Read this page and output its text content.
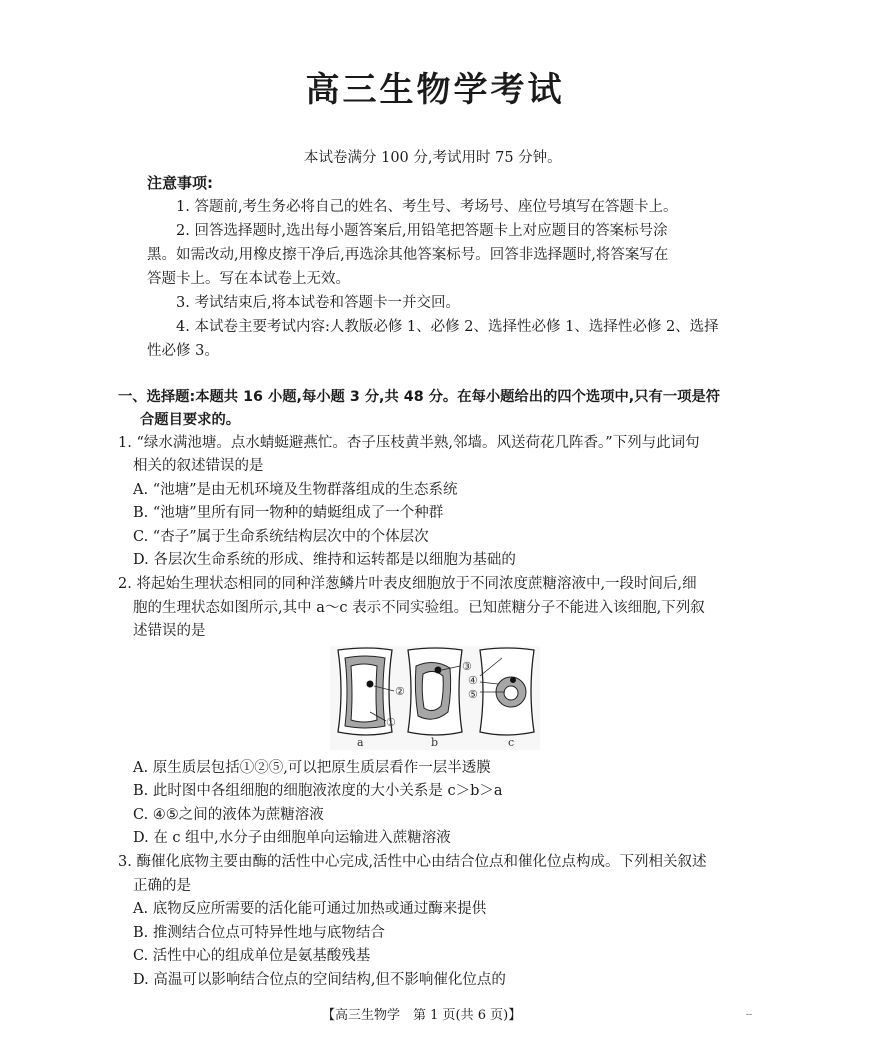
高三生物学考试
本试卷满分 100 分,考试用时 75 分钟。
注意事项:
1. 答题前,考生务必将自己的姓名、考生号、考场号、座位号填写在答题卡上。
2. 回答选择题时,选出每小题答案后,用铅笔把答题卡上对应题目的答案标号涂
黑。如需改动,用橡皮擦干净后,再选涂其他答案标号。回答非选择题时,将答案写在
答题卡上。写在本试卷上无效。
3. 考试结束后,将本试卷和答题卡一并交回。
4. 本试卷主要考试内容:人教版必修 1、必修 2、选择性必修 1、选择性必修 2、选择
性必修 3。
一、选择题:本题共 16 小题,每小题 3 分,共 48 分。在每小题给出的四个选项中,只有一项是符
合题目要求的。
1. “绿水满池塘。点水蜻蜓避燕忙。杏子压枝黄半熟,邻墙。风送荷花几阵香。”下列与此词句
相关的叙述错误的是
A. “池塘”是由无机环境及生物群落组成的生态系统
B. “池塘”里所有同一物种的蜻蜓组成了一个种群
C. “杏子”属于生命系统结构层次中的个体层次
D. 各层次生命系统的形成、维持和运转都是以细胞为基础的
2. 将起始生理状态相同的同种洋葱鳞片叶表皮细胞放于不同浓度蔗糖溶液中,一段时间后,细
胞的生理状态如图所示,其中 a～c 表示不同实验组。已知蔗糖分子不能进入该细胞,下列叙
述错误的是
②
①
③
④
⑤
a	b	c
A. 原生质层包括①②⑤,可以把原生质层看作一层半透膜
B. 此时图中各组细胞的细胞液浓度的大小关系是 c＞b＞a
C. ④⑤之间的液体为蔗糖溶液
D. 在 c 组中,水分子由细胞单向运输进入蔗糖溶液
3. 酶催化底物主要由酶的活性中心完成,活性中心由结合位点和催化位点构成。下列相关叙述
正确的是
A. 底物反应所需要的活化能可通过加热或通过酶来提供
B. 推测结合位点可特异性地与底物结合
C. 活性中心的组成单位是氨基酸残基
D. 高温可以影响结合位点的空间结构,但不影响催化位点的
【高三生物学　第 1 页(共 6 页)】	--
